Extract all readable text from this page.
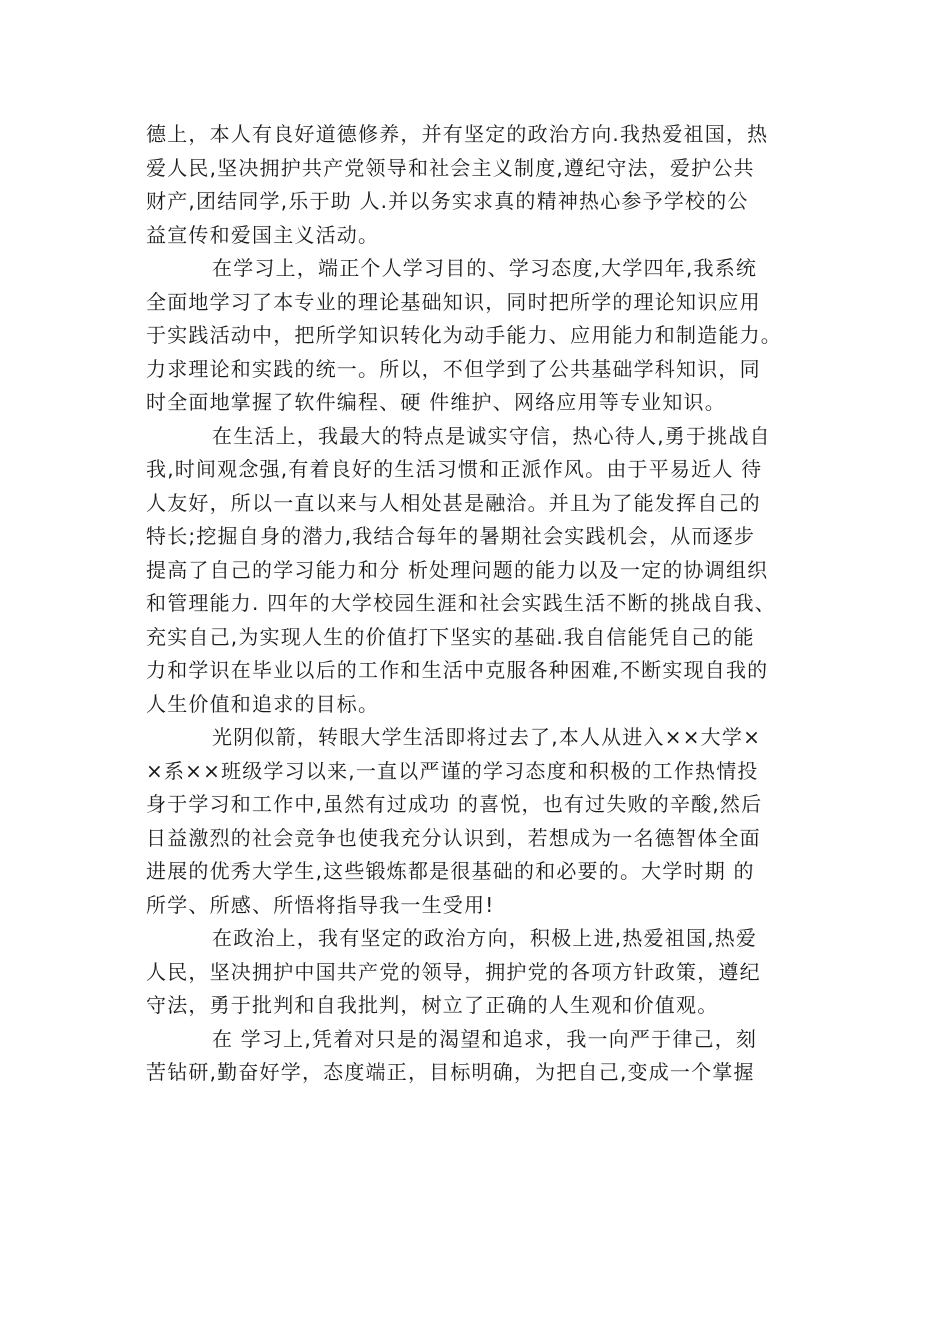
德上，本人有良好道德修养，并有坚定的政治方向.我热爱祖国，热
爱人民,坚决拥护共产党领导和社会主义制度,遵纪守法，爱护公共
财产,团结同学,乐于助 人.并以务实求真的精神热心参予学校的公
益宣传和爱国主义活动。
在学习上，端正个人学习目的、学习态度,大学四年,我系统
全面地学习了本专业的理论基础知识，同时把所学的理论知识应用
于实践活动中，把所学知识转化为动手能力、应用能力和制造能力。
力求理论和实践的统一。所以，不但学到了公共基础学科知识，同
时全面地掌握了软件编程、硬 件维护、网络应用等专业知识。
在生活上，我最大的特点是诚实守信，热心待人,勇于挑战自
我,时间观念强,有着良好的生活习惯和正派作风。由于平易近人 待
人友好，所以一直以来与人相处甚是融洽。并且为了能发挥自己的
特长;挖掘自身的潜力,我结合每年的暑期社会实践机会，从而逐步
提高了自己的学习能力和分 析处理问题的能力以及一定的协调组织
和管理能力. 四年的大学校园生涯和社会实践生活不断的挑战自我、
充实自己,为实现人生的价值打下坚实的基础.我自信能凭自己的能
力和学识在毕业以后的工作和生活中克服各种困难,不断实现自我的
人生价值和追求的目标。
光阴似箭，转眼大学生活即将过去了,本人从进入××大学×
×系××班级学习以来,一直以严谨的学习态度和积极的工作热情投
身于学习和工作中,虽然有过成功 的喜悦，也有过失败的辛酸,然后
日益激烈的社会竞争也使我充分认识到，若想成为一名德智体全面
进展的优秀大学生,这些锻炼都是很基础的和必要的。大学时期 的
所学、所感、所悟将指导我一生受用!
在政治上，我有坚定的政治方向，积极上进,热爱祖国,热爱
人民，坚决拥护中国共产党的领导，拥护党的各项方针政策，遵纪
守法，勇于批判和自我批判，树立了正确的人生观和价值观。
在 学习上,凭着对只是的渴望和追求，我一向严于律己，刻
苦钻研,勤奋好学，态度端正，目标明确，为把自己,变成一个掌握
